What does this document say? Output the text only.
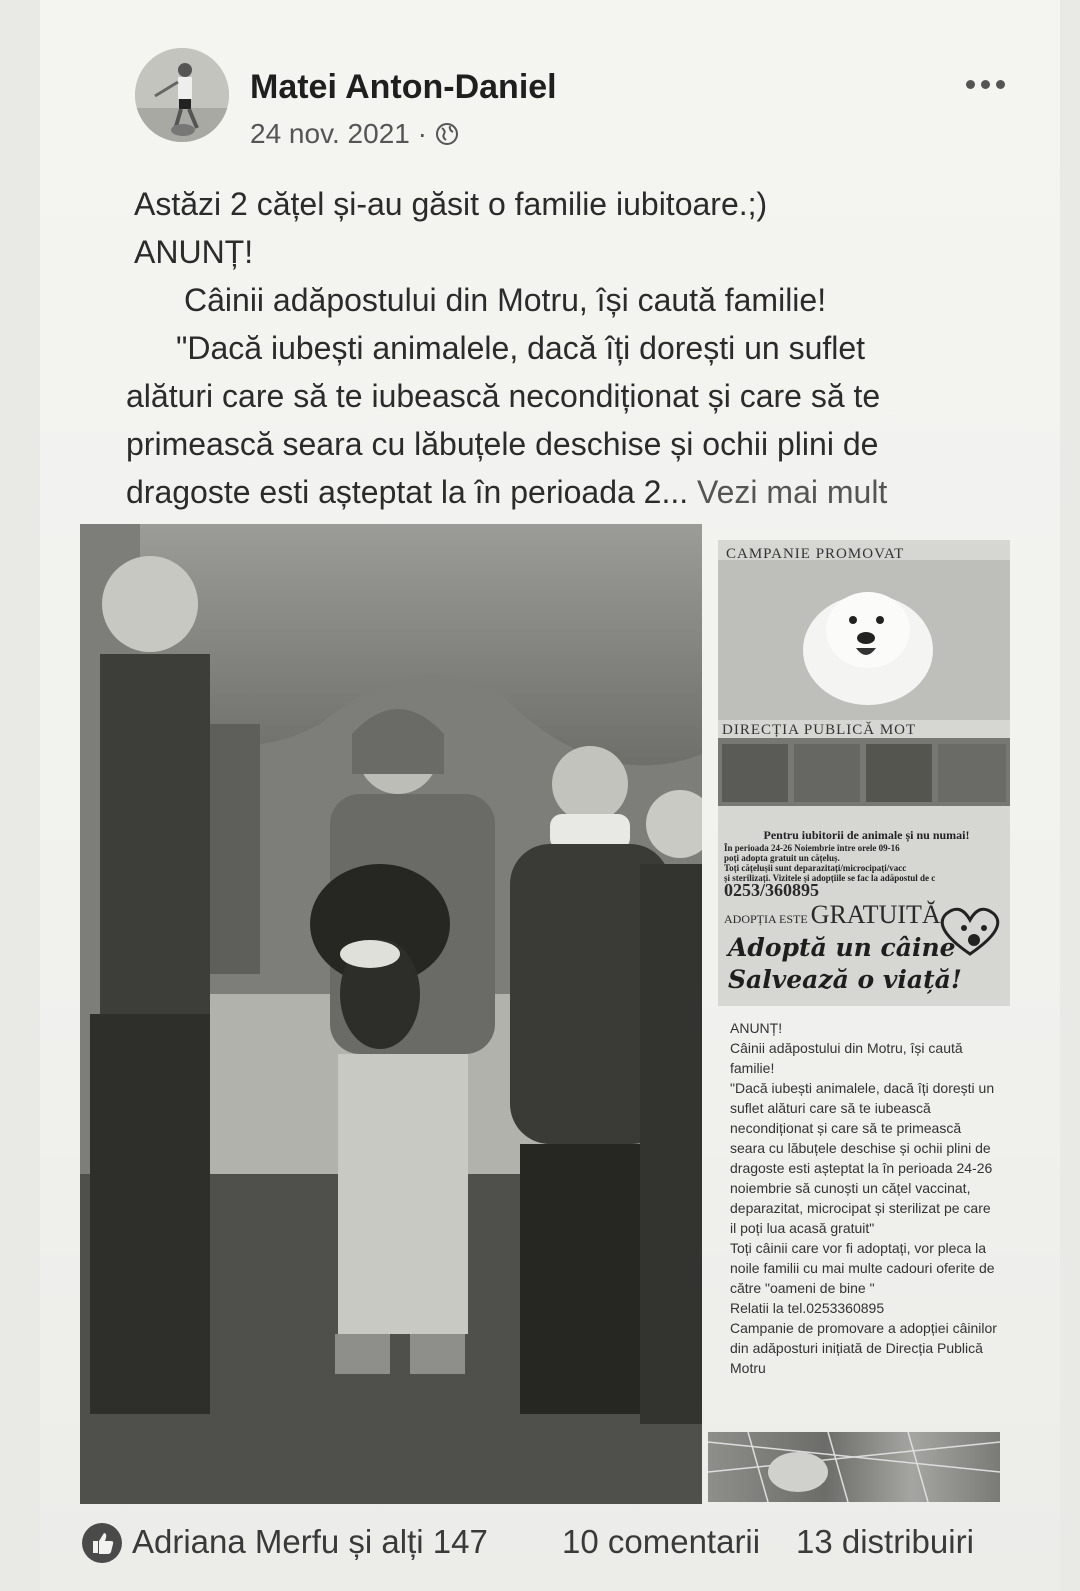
Matei Anton-Daniel
24 nov. 2021 ·

Astăzi 2 cățel și-au găsit o familie iubitoare.;)

ANUNȚ!

Câinii adăpostului din Motru, își caută familie!

"Dacă iubești animalele, dacă îți dorești un suflet

alături care să te iubească necondiționat și care să te

primească seara cu lăbuțele deschise și ochii plini de

dragoste esti așteptat la în perioada 2... Vezi mai mult

CAMPANIE PROMOVAT
DIRECȚIA PUBLICĂ MOT
Pentru iubitorii de animale și nu numai!
În perioada 24-26 Noiembrie între orele 09-16
poți adopta gratuit un cățeluș.
Toți cățelușii sunt deparazitați/microcipați/vacc
și sterilizați. Vizitele și adopțiile se fac la adăpostul de c
0253/360895
ADOPȚIA ESTE GRATUITĂ
Adoptă un câine
Salvează o viață!

ANUNȚ!

Câinii adăpostului din Motru, își caută familie!

"Dacă iubești animalele, dacă îți dorești un suflet alături care să te iubească necondiționat și care să te primească seara cu lăbuțele deschise și ochii plini de dragoste esti așteptat la în perioada 24-26 noiembrie să cunoști un cățel vaccinat, deparazitat, microcipat și sterilizat pe care il poți lua acasă gratuit"

Toți câinii care vor fi adoptați, vor pleca la noile familii cu mai multe cadouri oferite de către "oameni de bine "

Relatii la tel.0253360895

Campanie de promovare a adopției câinilor din adăposturi inițiată de Direcția Publică Motru

Adriana Merfu și alți 147 10 comentarii 13 distribuiri
